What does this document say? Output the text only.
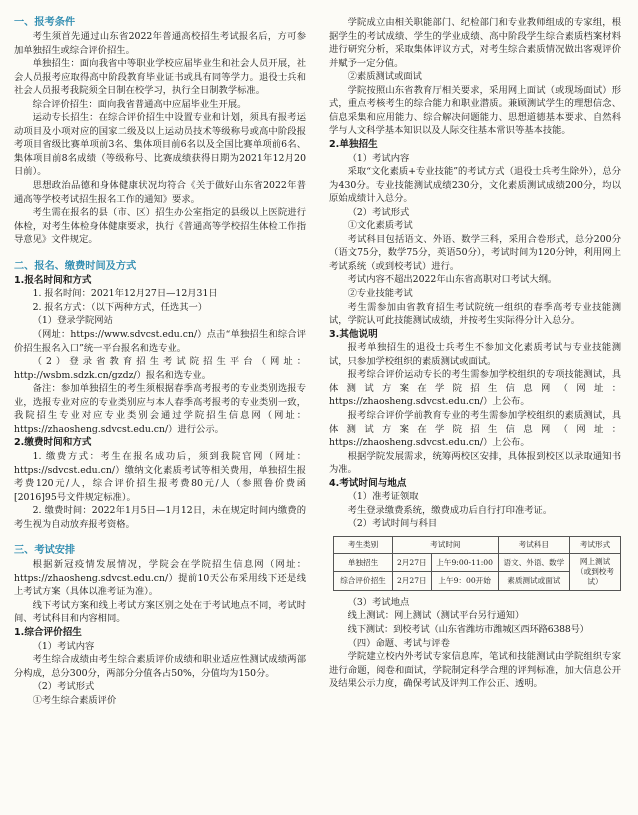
一、报考条件

考生须首先通过山东省2022年普通高校招生考试报名后，方可参加单独招生或综合评价招生。

单独招生：面向我省中等职业学校应届毕业生和社会人员开展，社会人员报考应取得高中阶段教育毕业证书或具有同等学力。退役士兵和社会人员报考我院须全日制在校学习，执行全日制教学标准。

综合评价招生：面向我省普通高中应届毕业生开展。

运动专长招生：在综合评价招生中设置专业和计划，须具有报考运动项目及小项对应的国家二级及以上运动员技术等级称号或高中阶段报考项目省级比赛单项前3名、集体项目前6名以及全国比赛单项前6名、集体项目前8名成绩（等级称号、比赛成绩获得日期为2021年12月20日前）。

思想政治品德和身体健康状况均符合《关于做好山东省2022年普通高等学校考试招生报名工作的通知》要求。

考生需在报名的县（市、区）招生办公室指定的县级以上医院进行体检，对考生体检身体健康要求，执行《普通高等学校招生体检工作指导意见》文件规定。

二、报名、缴费时间及方式
1.报名时间和方式

1. 报名时间：2021年12月27日—12月31日

2. 报名方式：（以下两种方式，任选其一）

（1）登录学院网站

（网址：https://www.sdvcst.edu.cn/）点击“单独招生和综合评价招生报名入口”统一平台报名和选专业。

（2）登录省教育招生考试院招生平台（网址：http://wsbm.sdzk.cn/gzdz/）报名和选专业。

备注：参加单独招生的考生须根据春季高考报考的专业类别选报专业，选报专业对应的专业类别应与本人春季高考报考的专业类别一致，我院招生专业对应专业类别会通过学院招生信息网（网址：https://zhaosheng.sdvcst.edu.cn/）进行公示。

2.缴费时间和方式

1. 缴费方式：考生在报名成功后，须到我院官网（网址：https://sdvcst.edu.cn/）缴纳文化素质考试等相关费用，单独招生报考费120元/人，综合评价招生报考费80元/人（参照鲁价费函[2016]95号文件规定标准）。

2. 缴费时间：2022年1月5日—1月12日，未在规定时间内缴费的考生视为自动放弃报考资格。

三、考试安排

根据新冠疫情发展情况，学院会在学院招生信息网（网址：https://zhaosheng.sdvcst.edu.cn/）提前10天公布采用线下还是线上考试方案（具体以准考证为准）。

线下考试方案和线上考试方案区别之处在于考试地点不同，考试时间、考试科目和内容相同。

1.综合评价招生

（1）考试内容

考生综合成绩由考生综合素质评价成绩和职业适应性测试成绩两部分构成，总分300分，两部分分值各占50%，分值均为150分。

（2）考试形式

①考生综合素质评价

学院成立由相关职能部门、纪检部门和专业教师组成的专家组，根据学生的考试成绩、学生的学业成绩、高中阶段学生综合素质档案材料进行研究分析，采取集体评议方式，对考生综合素质情况做出客观评价并赋予一定分值。

②素质测试或面试

学院按照山东省教育厅相关要求，采用网上面试（或现场面试）形式，重点考核考生的综合能力和职业潜质。兼顾测试学生的理想信念、信息采集和应用能力、综合解决问题能力、思想道德基本要求、自然科学与人文科学基本知识以及人际交往基本常识等基本技能。

2.单独招生

（1）考试内容

采取“文化素质+专业技能”的考试方式（退役士兵考生除外），总分为430分。专业技能测试成绩230分，文化素质测试成绩200分，均以原始成绩计入总分。

（2）考试形式

①文化素质考试

考试科目包括语文、外语、数学三科，采用合卷形式，总分200分（语文75分，数学75分，英语50分），考试时间为120分钟，利用网上考试系统（或到校考试）进行。

考试内容不超出2022年山东省高职对口考试大纲。

②专业技能考试

考生需参加由省教育招生考试院统一组织的春季高考专业技能测试，学院认可此技能测试成绩，并按考生实际得分计入总分。

3.其他说明

报考单独招生的退役士兵考生不参加文化素质考试与专业技能测试，只参加学校组织的素质测试或面试。

报考综合评价运动专长的考生需参加学校组织的专项技能测试，具体测试方案在学院招生信息网（网址：https://zhaosheng.sdvcst.edu.cn/）上公布。

报考综合评价学前教育专业的考生需参加学校组织的素质测试，具体测试方案在学院招生信息网（网址：https://zhaosheng.sdvcst.edu.cn/）上公布。

根据学院发展需求，统筹两校区安排，具体报到校区以录取通知书为准。

4.考试时间与地点

（1）准考证领取

考生登录缴费系统，缴费成功后自行打印准考证。

（2）考试时间与科目

考生类别	考试时间		考试科目	考试形式
单独招生	2月27日	上午9:00-11:00	语文、外语、数学	网上测试（或到校考试）
综合评价招生	2月27日	上午9：00开始	素质测试或面试	

（3）考试地点

线上测试：网上测试（测试平台另行通知）

线下测试：到校考试（山东省潍坊市潍城区西环路6388号）

（四）命题、考试与评卷

学院建立校内外考试专家信息库，笔试和技能测试由学院组织专家进行命题，阅卷和面试，学院制定科学合理的评判标准，加大信息公开及结果公示力度，确保考试及评判工作公正、透明。
